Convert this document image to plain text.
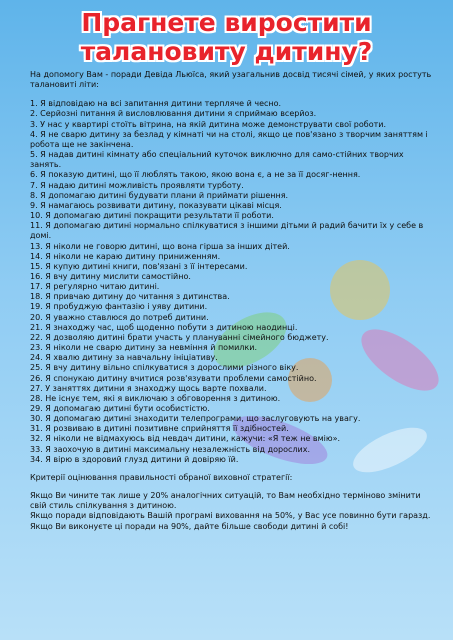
Прагнете виростити
талановиту дитину?

На допомогу Вам - поради Девіда Льюїса, який узагальнив досвід тисячі сімей, у яких ростуть талановиті літи:

1. Я відповідаю на всі запитання дитини терпляче й чесно.

2. Серйозні питання й висловлювання дитини я сприймаю всерйоз.

3. У нас у квартирі стоїть вітрина, на якій дитина може демонструвати свої роботи.

4. Я не сварю дитину за безлад у кімнаті чи на столі, якщо це пов'язано з творчим заняттям і робота ще не закінчена.

5. Я надав дитині кімнату або спеціальний куточок виключно для само-стійних творчих занять.

6. Я показую дитині, що її люблять такою, якою вона є, а не за її досяг-нення.

7. Я надаю дитині можливість проявляти турботу.

8. Я допомагаю дитині будувати плани й приймати рішення.

9. Я намагаюсь розвивати дитину, показувати цікаві місця.

10. Я допомагаю дитині покращити результати її роботи.

11. Я допомагаю дитині нормально спілкуватися з іншими дітьми й радий бачити їх у себе в домі.

13. Я ніколи не говорю дитині, що вона гірша за інших дітей.

14. Я ніколи не караю дитину приниженням.

15. Я купую дитині книги, пов'язані з її інтересами.

16. Я вчу дитину мислити самостійно.

17. Я регулярно читаю дитині.

18. Я привчаю дитину до читання з дитинства.

19. Я пробуджую фантазію і уяву дитини.

20. Я уважно ставлюся до потреб дитини.

21. Я знаходжу час, щоб щоденно побути з дитиною наодинці.

22. Я дозволяю дитині брати участь у плануванні сімейного бюджету.

23. Я ніколи не сварю дитину за невміння й помилки.

24. Я хвалю дитину за навчальну ініціативу.

25. Я вчу дитину вільно спілкуватися з дорослими різного віку.

26. Я спонукаю дитину вчитися розв'язувати проблеми самостійно.

27. У заняттях дитини я знаходжу щось варте похвали.

28. Не існує тем, які я виключаю з обговорення з дитиною.

29. Я допомагаю дитині бути особистістю.

30. Я допомагаю дитині знаходити телепрограми, що заслуговують на увагу.

31. Я розвиваю в дитині позитивне сприйняття її здібностей.

32. Я ніколи не відмахуюсь від невдач дитини, кажучи: «Я теж не вмію».

33. Я заохочую в дитині максимальну незалежність від дорослих.

34. Я вірю в здоровий глузд дитини й довіряю їй.

Критерії оцінювання правильності обраної виховної стратегії:

Якщо Ви чините так лише у 20% аналогічних ситуацій, то Вам необхідно терміново змінити свій стиль спілкування з дитиною.

Якщо поради відповідають Вашій програмі виховання на 50%, у Вас усе повинно бути гаразд.

Якщо Ви виконуєте ці поради на 90%, дайте більше свободи дитині й собі!
